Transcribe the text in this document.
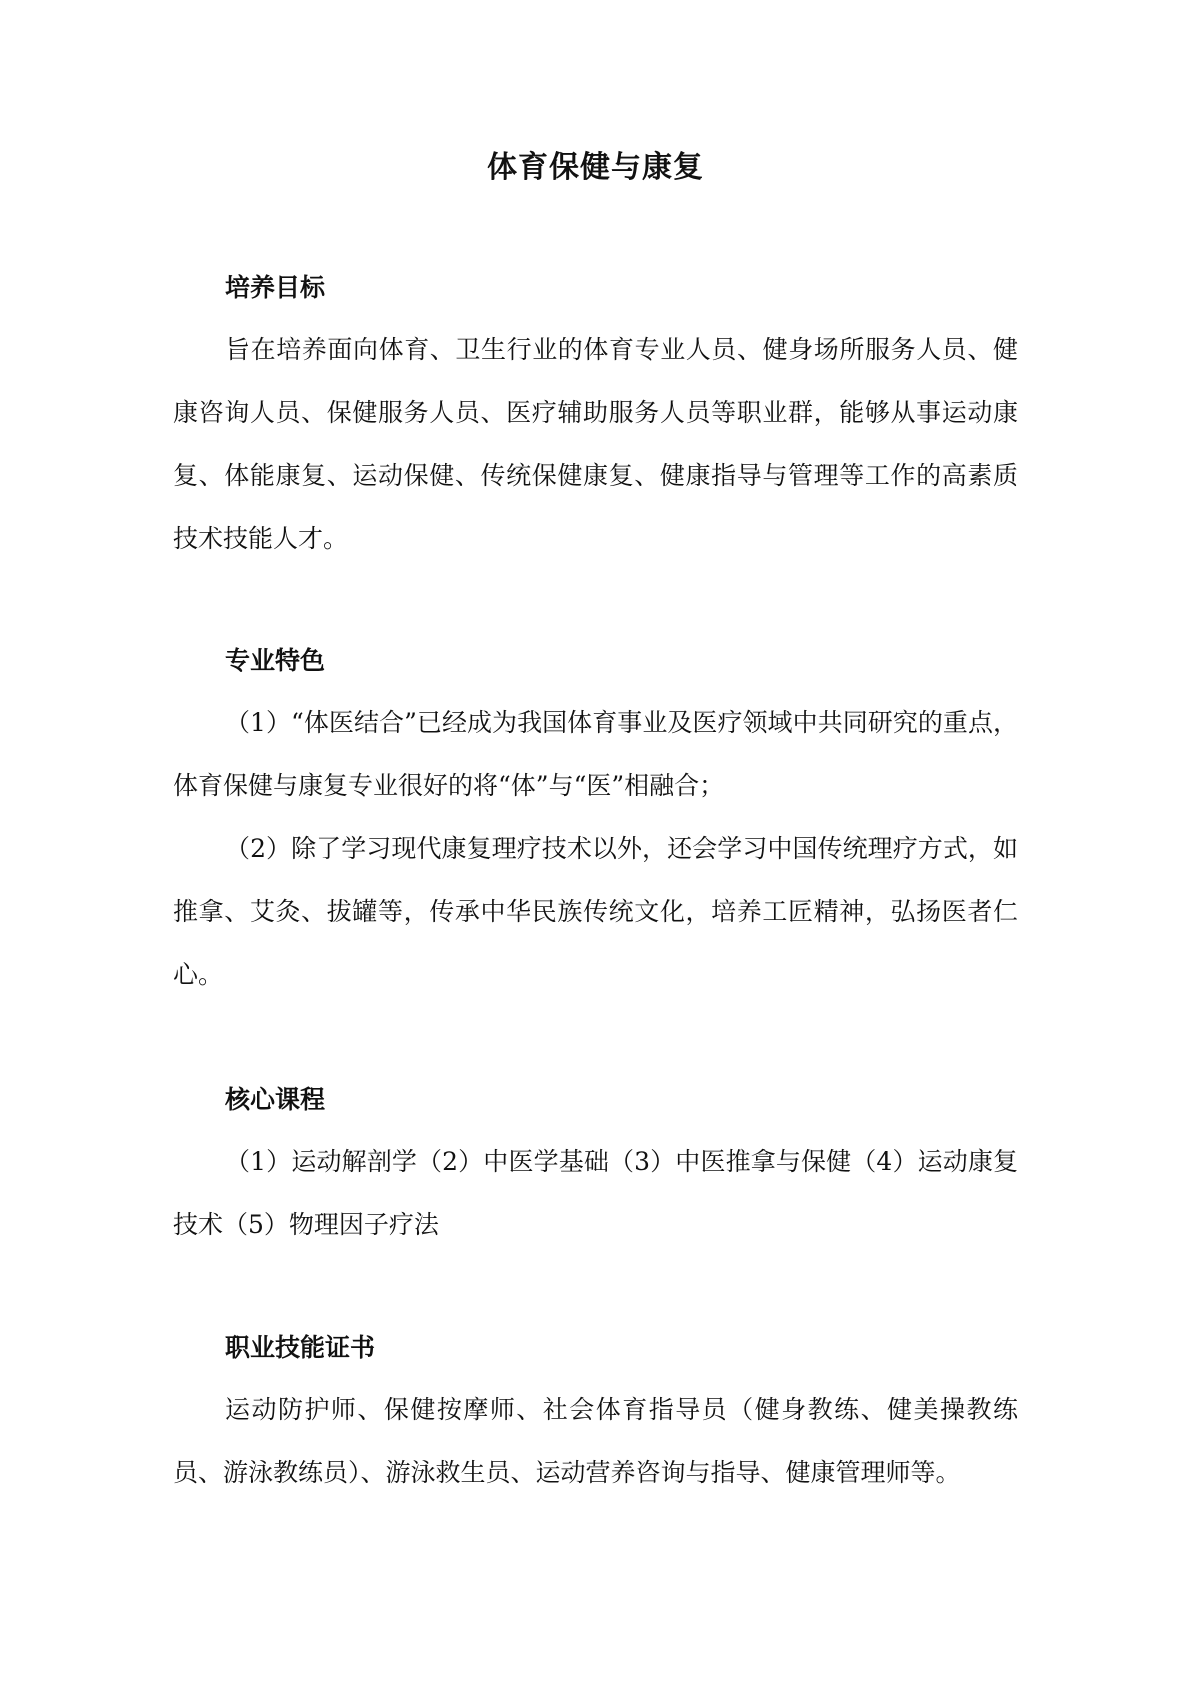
体育保健与康复
培养目标

旨在培养面向体育、卫生行业的体育专业人员、健身场所服务人员、健康咨询人员、保健服务人员、医疗辅助服务人员等职业群，能够从事运动康复、体能康复、运动保健、传统保健康复、健康指导与管理等工作的高素质技术技能人才。

专业特色

（1）“体医结合”已经成为我国体育事业及医疗领域中共同研究的重点，体育保健与康复专业很好的将“体”与“医”相融合；

（2）除了学习现代康复理疗技术以外，还会学习中国传统理疗方式，如推拿、艾灸、拔罐等，传承中华民族传统文化，培养工匠精神，弘扬医者仁心。

核心课程

（1）运动解剖学（2）中医学基础（3）中医推拿与保健（4）运动康复技术（5）物理因子疗法

职业技能证书

运动防护师、保健按摩师、社会体育指导员（健身教练、健美操教练员、游泳教练员）、游泳救生员、运动营养咨询与指导、健康管理师等。
